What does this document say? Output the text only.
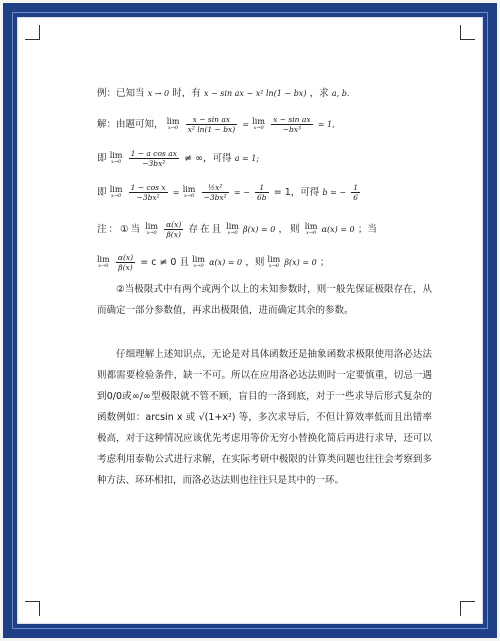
例：已知当 x → 0 时，有 x − sin ax − x² ln(1 − bx) ，求 a, b.
解：由题可知， lim
x→0
$\frac{\text{x − sin ax}}{\text{x² ln(1 − bx)}} = \lim$
x→0
$\frac{\text{x − sin ax}}{\text{−bx³}} = 1$,
即 lim
x→0
$\frac{\text{1 − a cos ax}}{\text{−3bx²}}$ ≠ ∞，可得 a = 1;
即 lim
x→0
$\frac{\text{1 − cos x}}{\text{−3bx²}} = \lim$
x→0
$\frac{\text{½x²}}{\text{−3bx²}}$ = − $\frac{1}{6b} = 1$，可得 b = − $\frac{1}{6}$
注：①当 lim
x→0
$\frac{\alpha(x)}{\beta(x)}$ 存在且 lim
x→0 β(x) = 0 ，则 lim
x→0 α(x) = 0 ；当
lim
x→0
$\frac{\alpha(x)}{\beta(x)} = c \ne 0$ 且 lim
x→0 α(x) = 0 ，则 lim
x→0 β(x) = 0 ；
②当极限式中有两个或两个以上的未知参数时，则一般先保证极限存在，从而确定一部分参数值，再求出极限值，进而确定其余的参数。
仔细理解上述知识点，无论是对具体函数还是抽象函数求极限使用洛必达法则都需要检验条件，缺一不可。所以在应用洛必达法则时一定要慎重，切忌一遇到0/0或∞/∞型极限就不管不顾，盲目的一洛到底，对于一些求导后形式复杂的函数例如：arcsin x 或 √(1+x²) 等，多次求导后，不但计算效率低而且出错率极高，对于这种情况应该优先考虑用等价无穷小替换化简后再进行求导，还可以考虑利用泰勒公式进行求解，在实际考研中极限的计算类问题也往往会考察到多种方法、环环相扣，而洛必达法则也往往只是其中的一环。
